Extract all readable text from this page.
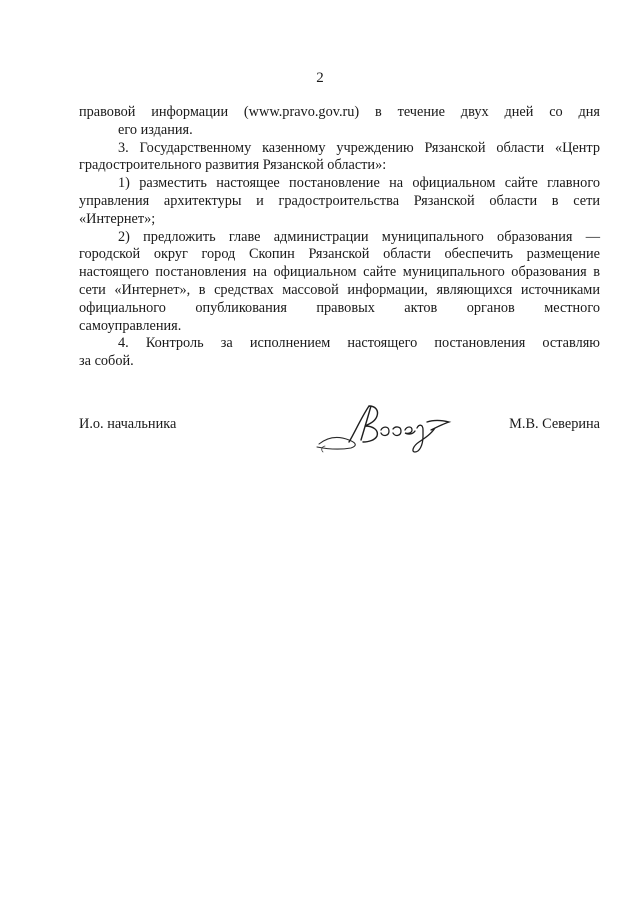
2

правовой информации (www.pravo.gov.ru) в течение двух дней со дня
его издания.

3. Государственному казенному учреждению Рязанской области «Центр
градостроительного развития Рязанской области»:

1) разместить настоящее постановление на официальном сайте главного управления архитектуры и градостроительства Рязанской области в сети
«Интернет»;

2) предложить главе администрации муниципального образования — городской округ город Скопин Рязанской области обеспечить размещение настоящего постановления на официальном сайте муниципального образования в сети «Интернет», в средствах массовой информации, являющихся источниками официального опубликования правовых актов органов местного
самоуправления.

4. Контроль за исполнением настоящего постановления оставляю
за собой.

И.о. начальника	М.В. Северина
